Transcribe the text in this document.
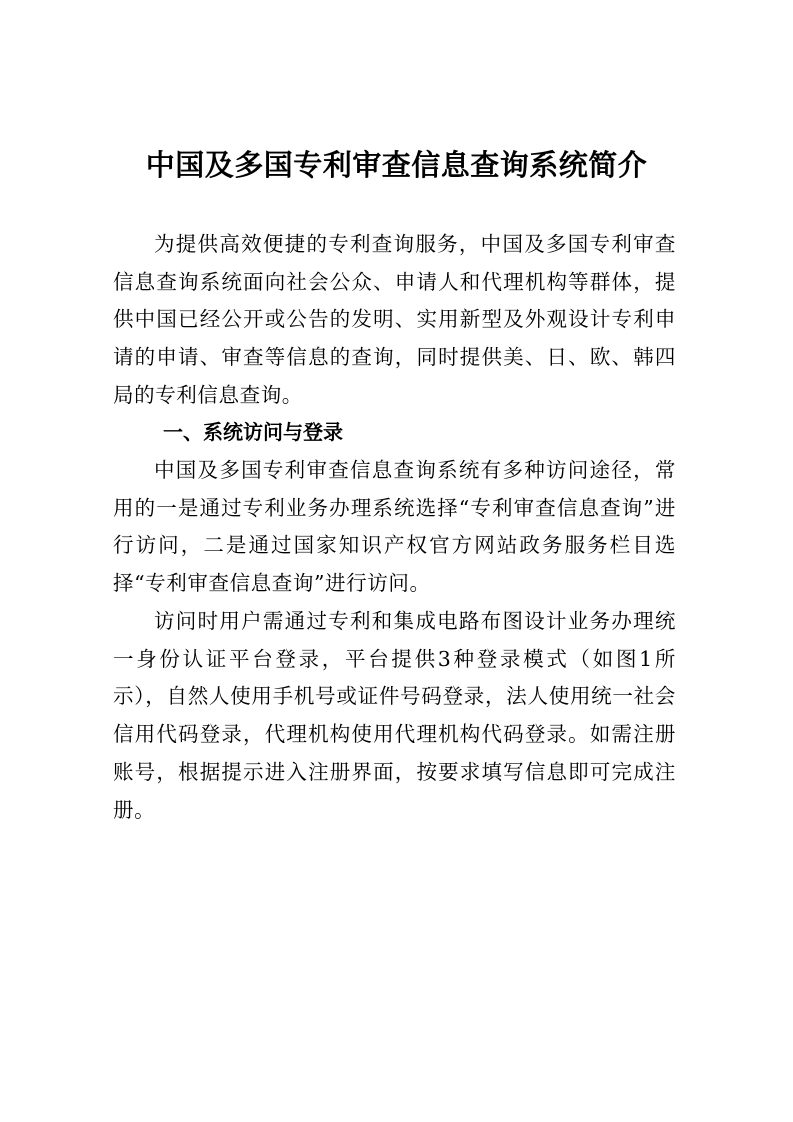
中国及多国专利审查信息查询系统简介
为提供高效便捷的专利查询服务，中国及多国专利审查信息查询系统面向社会公众、申请人和代理机构等群体，提供中国已经公开或公告的发明、实用新型及外观设计专利申请的申请、审查等信息的查询，同时提供美、日、欧、韩四局的专利信息查询。
一、系统访问与登录
中国及多国专利审查信息查询系统有多种访问途径，常用的一是通过专利业务办理系统选择“专利审查信息查询”进行访问，二是通过国家知识产权官方网站政务服务栏目选择“专利审查信息查询”进行访问。
访问时用户需通过专利和集成电路布图设计业务办理统一身份认证平台登录，平台提供3种登录模式（如图1所示），自然人使用手机号或证件号码登录，法人使用统一社会信用代码登录，代理机构使用代理机构代码登录。如需注册账号，根据提示进入注册界面，按要求填写信息即可完成注册。
